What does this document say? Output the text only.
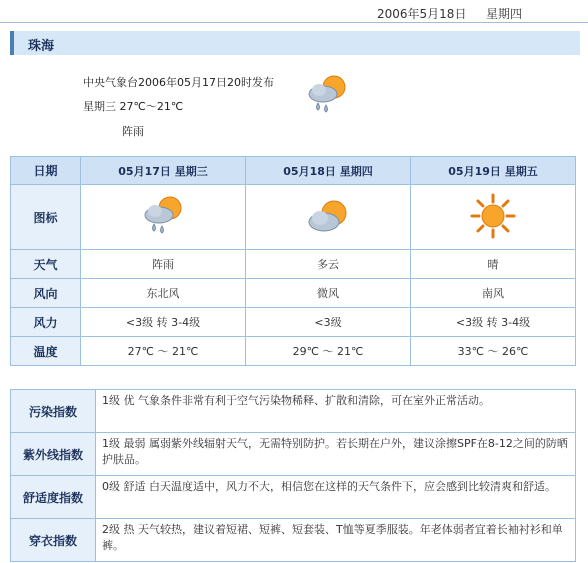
2006年5月18日 星期四
珠海
中央气象台2006年05月17日20时发布
星期三 27℃～21℃
阵雨
日期	05月17日 星期三	05月18日 星期四	05月19日 星期五
图标	

天气	阵雨	多云	晴
风向	东北风	微风	南风
风力	<3级 转 3-4级	<3级	<3级 转 3-4级
温度	27℃ ～ 21℃	29℃ ～ 21℃	33℃ ～ 26℃
污染指数	1级 优 气象条件非常有利于空气污染物稀释、扩散和清除，可在室外正常活动。
紫外线指数	1级 最弱 属弱紫外线辐射天气，无需特别防护。若长期在户外，建议涂擦SPF在8-12之间的防晒护肤品。
舒适度指数	0级 舒适 白天温度适中，风力不大，相信您在这样的天气条件下，应会感到比较清爽和舒适。
穿衣指数	2级 热 天气较热，建议着短裙、短裤、短套装、T恤等夏季服装。年老体弱者宜着长袖衬衫和单裤。
